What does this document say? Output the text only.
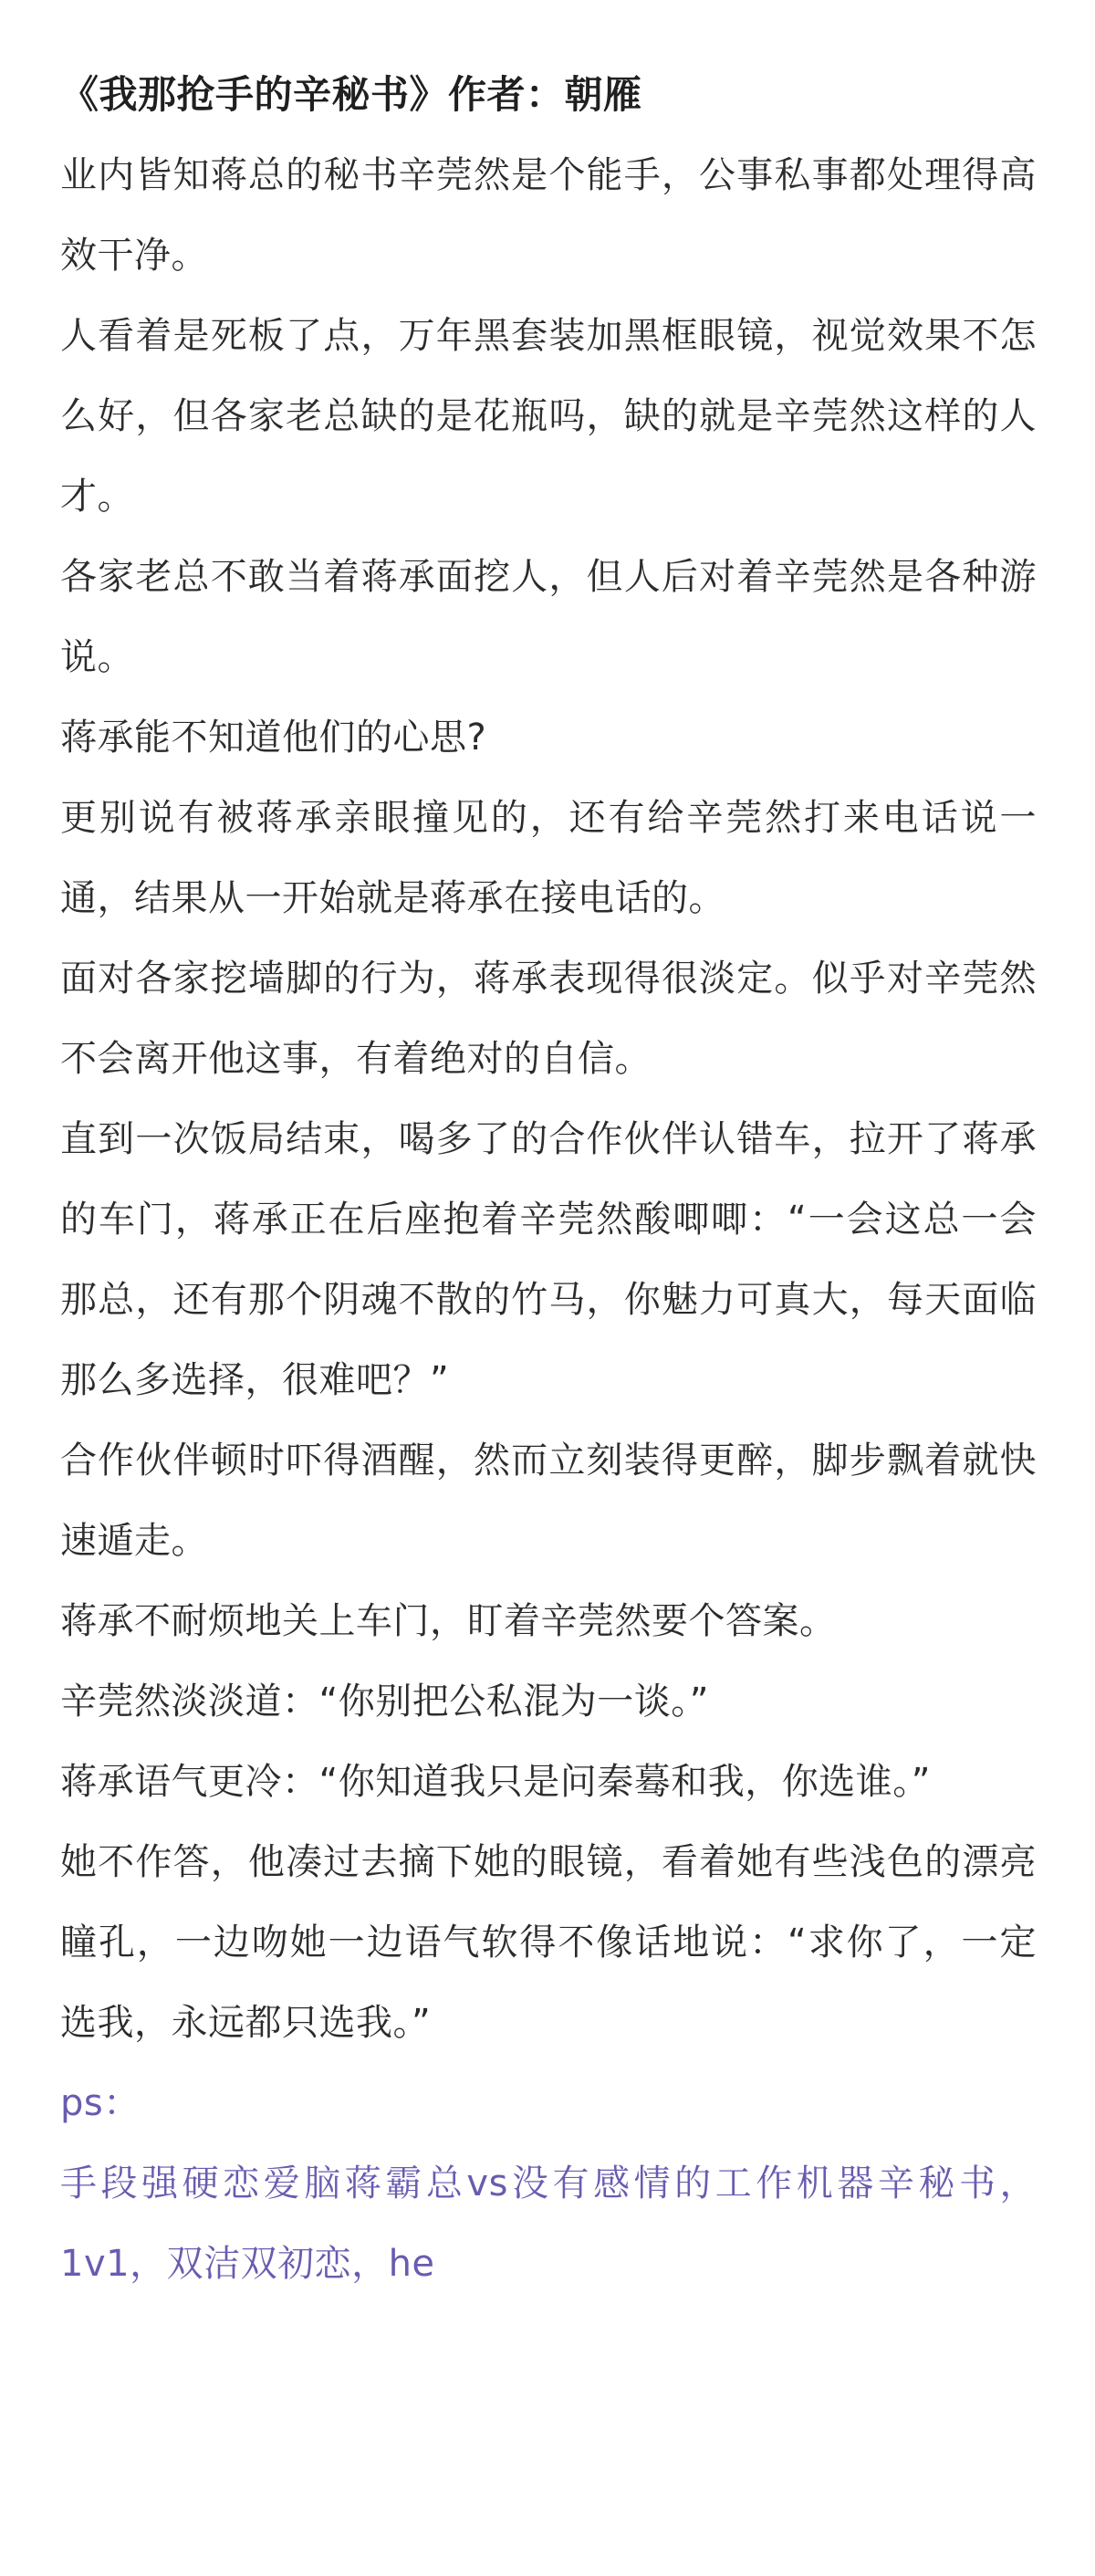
《我那抢手的辛秘书》作者：朝雁

业内皆知蒋总的秘书辛莞然是个能手，公事私事都处理得高效干净。

人看着是死板了点，万年黑套装加黑框眼镜，视觉效果不怎么好，但各家老总缺的是花瓶吗，缺的就是辛莞然这样的人才。

各家老总不敢当着蒋承面挖人，但人后对着辛莞然是各种游说。

蒋承能不知道他们的心思?

更别说有被蒋承亲眼撞见的，还有给辛莞然打来电话说一通，结果从一开始就是蒋承在接电话的。

面对各家挖墙脚的行为，蒋承表现得很淡定。似乎对辛莞然不会离开他这事，有着绝对的自信。

直到一次饭局结束，喝多了的合作伙伴认错车，拉开了蒋承的车门，蒋承正在后座抱着辛莞然酸唧唧：“一会这总一会那总，还有那个阴魂不散的竹马，你魅力可真大，每天面临那么多选择，很难吧？”

合作伙伴顿时吓得酒醒，然而立刻装得更醉，脚步飘着就快速遁走。

蒋承不耐烦地关上车门，盯着辛莞然要个答案。

辛莞然淡淡道：“你别把公私混为一谈。”

蒋承语气更冷：“你知道我只是问秦蓦和我，你选谁。”

她不作答，他凑过去摘下她的眼镜，看着她有些浅色的漂亮瞳孔，一边吻她一边语气软得不像话地说：“求你了，一定选我，永远都只选我。”

ps：

手段强硬恋爱脑蒋霸总vs没有感情的工作机器辛秘书，1v1，双洁双初恋，he
